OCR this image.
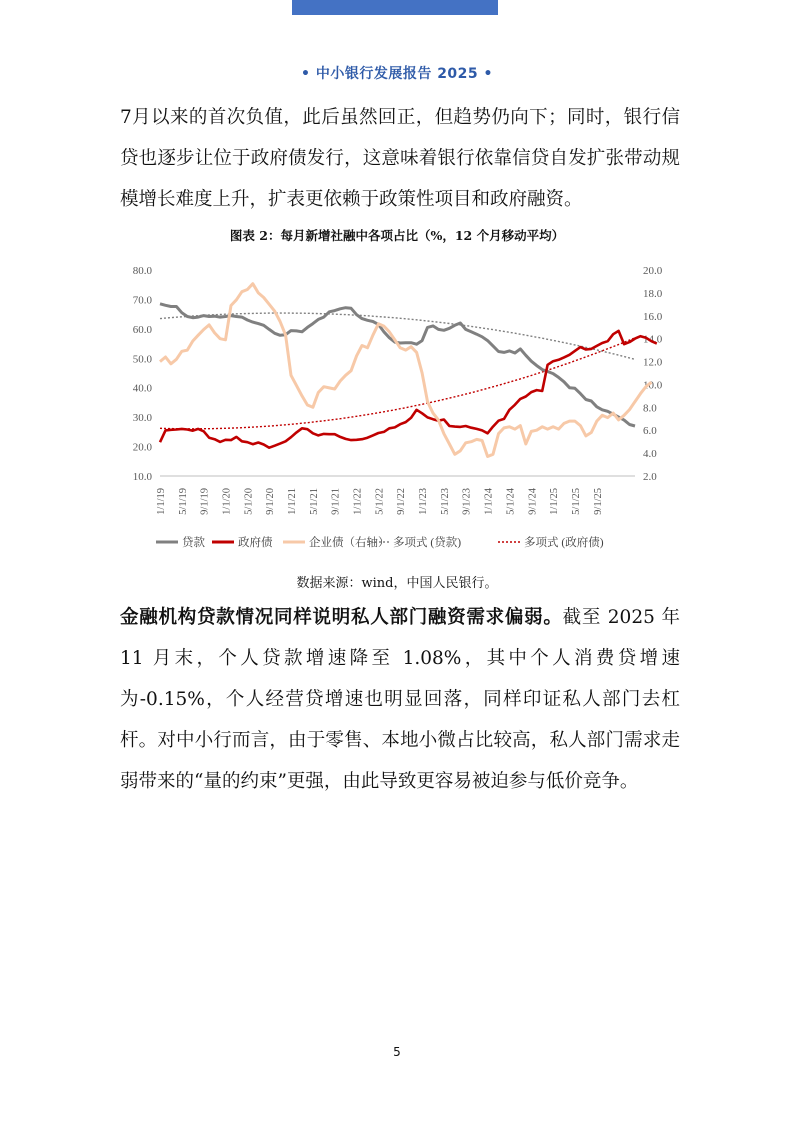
• 中小银行发展报告 2025 •

7月以来的首次负值，此后虽然回正，但趋势仍向下；同时，银行信贷也逐步让位于政府债发行，这意味着银行依靠信贷自发扩张带动规模增长难度上升，扩表更依赖于政策性项目和政府融资。

图表 2：每月新增社融中各项占比（%，12 个月移动平均）
10.0
20.0
30.0
40.0
50.0
60.0
70.0
80.0
2.0
4.0
6.0
8.0
10.0
12.0
14.0
16.0
18.0
20.0
1/1/19 5/1/19 9/1/19 1/1/20 5/1/20 9/1/20 1/1/21 5/1/21 9/1/21 1/1/22 5/1/22 9/1/22 1/1/23 5/1/23 9/1/23 1/1/24 5/1/24 9/1/24 1/1/25 5/1/25 9/1/25
贷款	政府债	企业债（右轴） 多项式 (贷款)	多项式 (政府债)
数据来源：wind，中国人民银行。

金融机构贷款情况同样说明私人部门融资需求偏弱。截至 2025 年 11 月末，个人贷款增速降至 1.08%，其中个人消费贷增速为-0.15%，个人经营贷增速也明显回落，同样印证私人部门去杠杆。对中小行而言，由于零售、本地小微占比较高，私人部门需求走弱带来的“量的约束”更强，由此导致更容易被迫参与低价竞争。

5
